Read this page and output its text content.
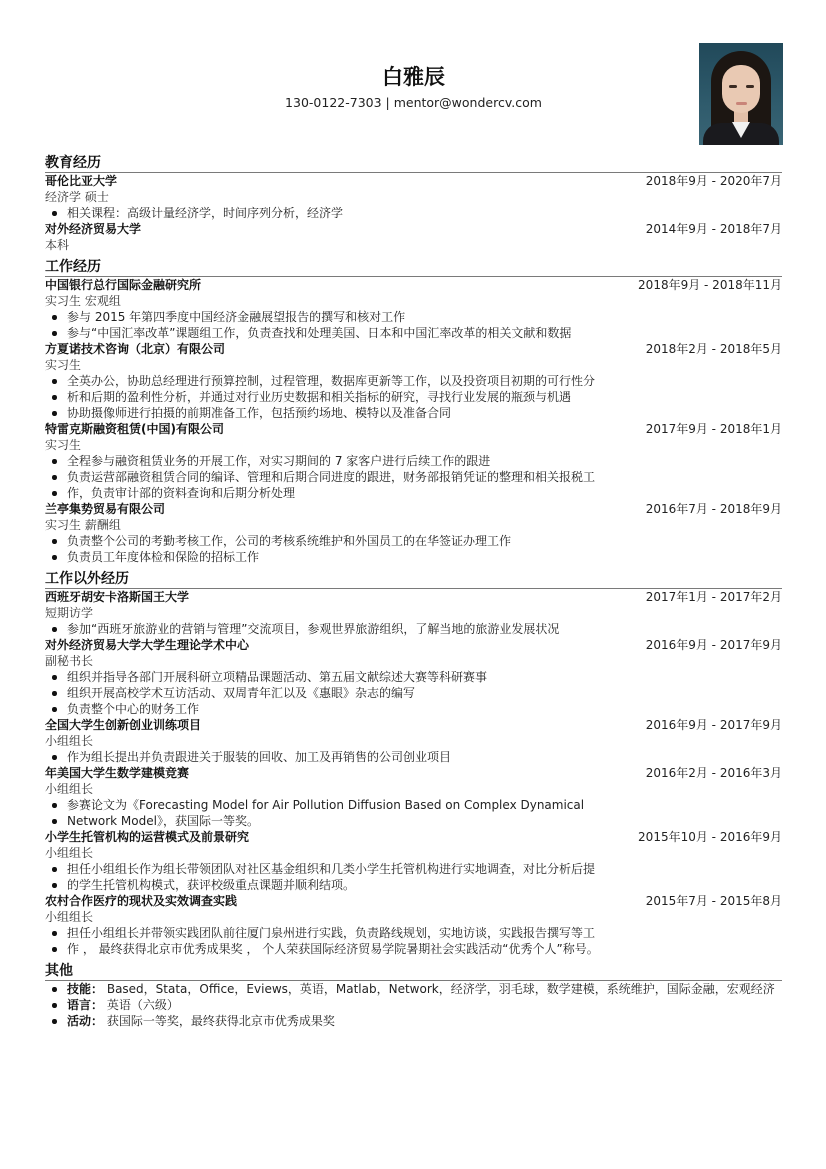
白雅辰
130-0122-7303 | mentor@wondercv.com
教育经历
哥伦比亚大学	2018年9月 - 2020年7月
经济学 硕士
相关课程：高级计量经济学，时间序列分析，经济学
对外经济贸易大学	2014年9月 - 2018年7月
本科
工作经历
中国银行总行国际金融研究所	2018年9月 - 2018年11月
实习生 宏观组
参与 2015 年第四季度中国经济金融展望报告的撰写和核对工作
参与“中国汇率改革”课题组工作，负责查找和处理美国、日本和中国汇率改革的相关文献和数据
方夏诺技术咨询（北京）有限公司	2018年2月 - 2018年5月
实习生
全英办公，协助总经理进行预算控制，过程管理，数据库更新等工作，以及投资项目初期的可行性分
析和后期的盈利性分析，并通过对行业历史数据和相关指标的研究，寻找行业发展的瓶颈与机遇
协助摄像师进行拍摄的前期准备工作，包括预约场地、模特以及准备合同
特雷克斯融资租赁(中国)有限公司	2017年9月 - 2018年1月
实习生
全程参与融资租赁业务的开展工作，对实习期间的 7 家客户进行后续工作的跟进
负责运营部融资租赁合同的编译、管理和后期合同进度的跟进，财务部报销凭证的整理和相关报税工
作，负责审计部的资料查询和后期分析处理
兰亭集势贸易有限公司	2016年7月 - 2018年9月
实习生 薪酬组
负责整个公司的考勤考核工作，公司的考核系统维护和外国员工的在华签证办理工作
负责员工年度体检和保险的招标工作
工作以外经历
西班牙胡安卡洛斯国王大学	2017年1月 - 2017年2月
短期访学
参加“西班牙旅游业的营销与管理”交流项目，参观世界旅游组织，了解当地的旅游业发展状况
对外经济贸易大学大学生理论学术中心	2016年9月 - 2017年9月
副秘书长
组织并指导各部门开展科研立项精品课题活动、第五届文献综述大赛等科研赛事
组织开展高校学术互访活动、双周青年汇以及《惠眼》杂志的编写
负责整个中心的财务工作
全国大学生创新创业训练项目	2016年9月 - 2017年9月
小组组长
作为组长提出并负责跟进关于服装的回收、加工及再销售的公司创业项目
年美国大学生数学建模竞赛	2016年2月 - 2016年3月
小组组长
参赛论文为《Forecasting Model for Air Pollution Diffusion Based on Complex Dynamical
Network Model》，获国际一等奖。
小学生托管机构的运营模式及前景研究	2015年10月 - 2016年9月
小组组长
担任小组组长作为组长带领团队对社区基金组织和几类小学生托管机构进行实地调查，对比分析后提
的学生托管机构模式，获评校级重点课题并顺利结项。
农村合作医疗的现状及实效调查实践	2015年7月 - 2015年8月
小组组长
担任小组组长并带领实践团队前往厦门泉州进行实践，负责路线规划，实地访谈，实践报告撰写等工
作 ， 最终获得北京市优秀成果奖 ， 个人荣获国际经济贸易学院暑期社会实践活动“优秀个人”称号。
其他
技能： Based，Stata，Office，Eviews，英语，Matlab，Network，经济学，羽毛球，数学建模，系统维护，国际金融，宏观经济
语言： 英语（六级）
活动： 获国际一等奖，最终获得北京市优秀成果奖
